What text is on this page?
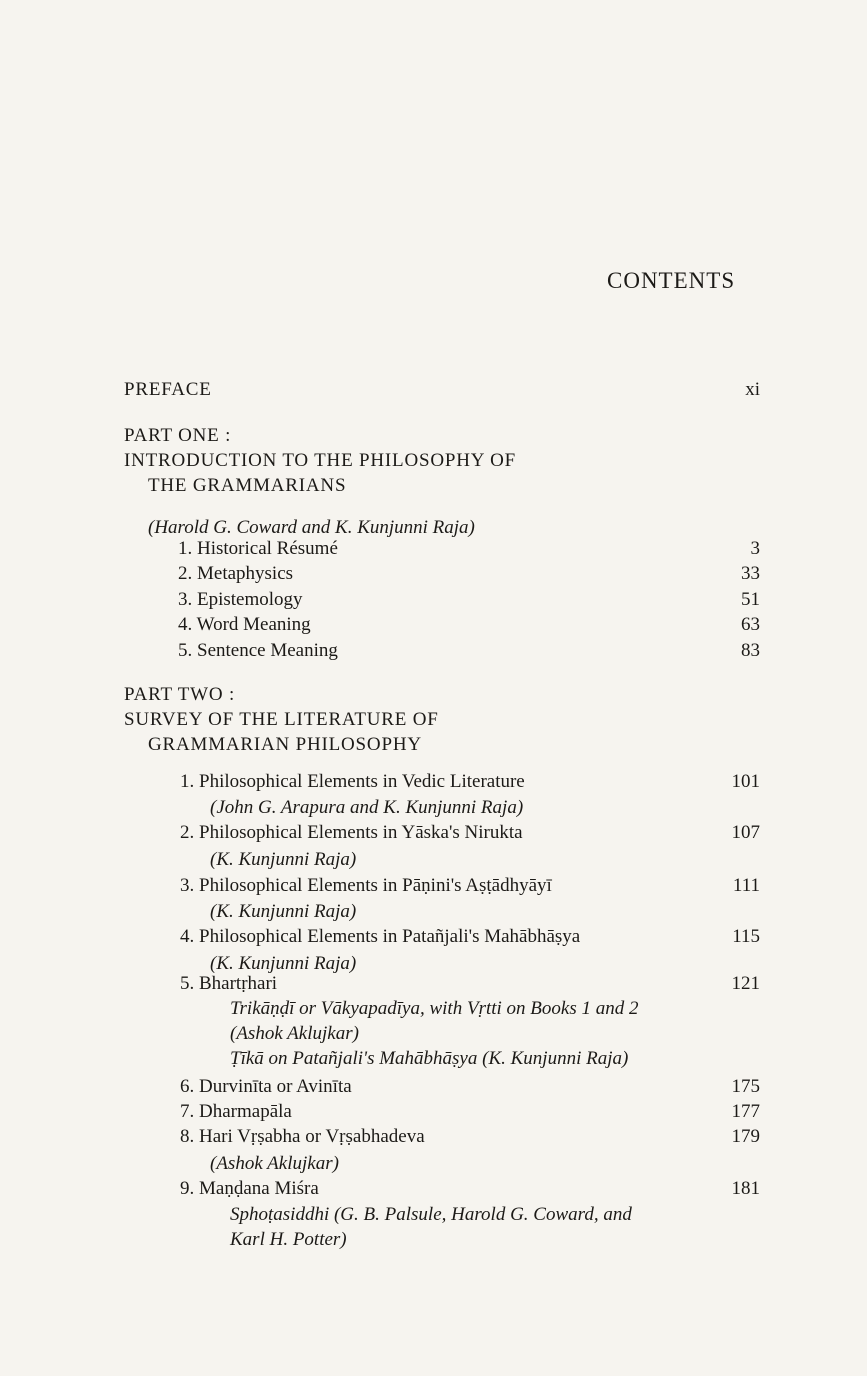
CONTENTS
PREFACE	xi
PART ONE :
INTRODUCTION TO THE PHILOSOPHY OF
THE GRAMMARIANS
(Harold G. Coward and K. Kunjunni Raja)
1. Historical Résumé	3
2. Metaphysics	33
3. Epistemology	51
4. Word Meaning	63
5. Sentence Meaning	83
PART TWO :
SURVEY OF THE LITERATURE OF
GRAMMARIAN PHILOSOPHY
1. Philosophical Elements in Vedic Literature	101
(John G. Arapura and K. Kunjunni Raja)
2. Philosophical Elements in Yāska's Nirukta	107
(K. Kunjunni Raja)
3. Philosophical Elements in Pāṇini's Aṣṭādhyāyī	111
(K. Kunjunni Raja)
4. Philosophical Elements in Patañjali's Mahābhāṣya	115
(K. Kunjunni Raja)
5. Bhartṛhari	121
Trikāṇḍī or Vākyapadīya, with Vṛtti on Books 1 and 2
(Ashok Aklujkar)
Ṭīkā on Patañjali's Mahābhāṣya (K. Kunjunni Raja)
6. Durvinīta or Avinīta	175
7. Dharmapāla	177
8. Hari Vṛṣabha or Vṛṣabhadeva	179
(Ashok Aklujkar)
9. Maṇḍana Miśra	181
Sphoṭasiddhi (G. B. Palsule, Harold G. Coward, and
Karl H. Potter)
